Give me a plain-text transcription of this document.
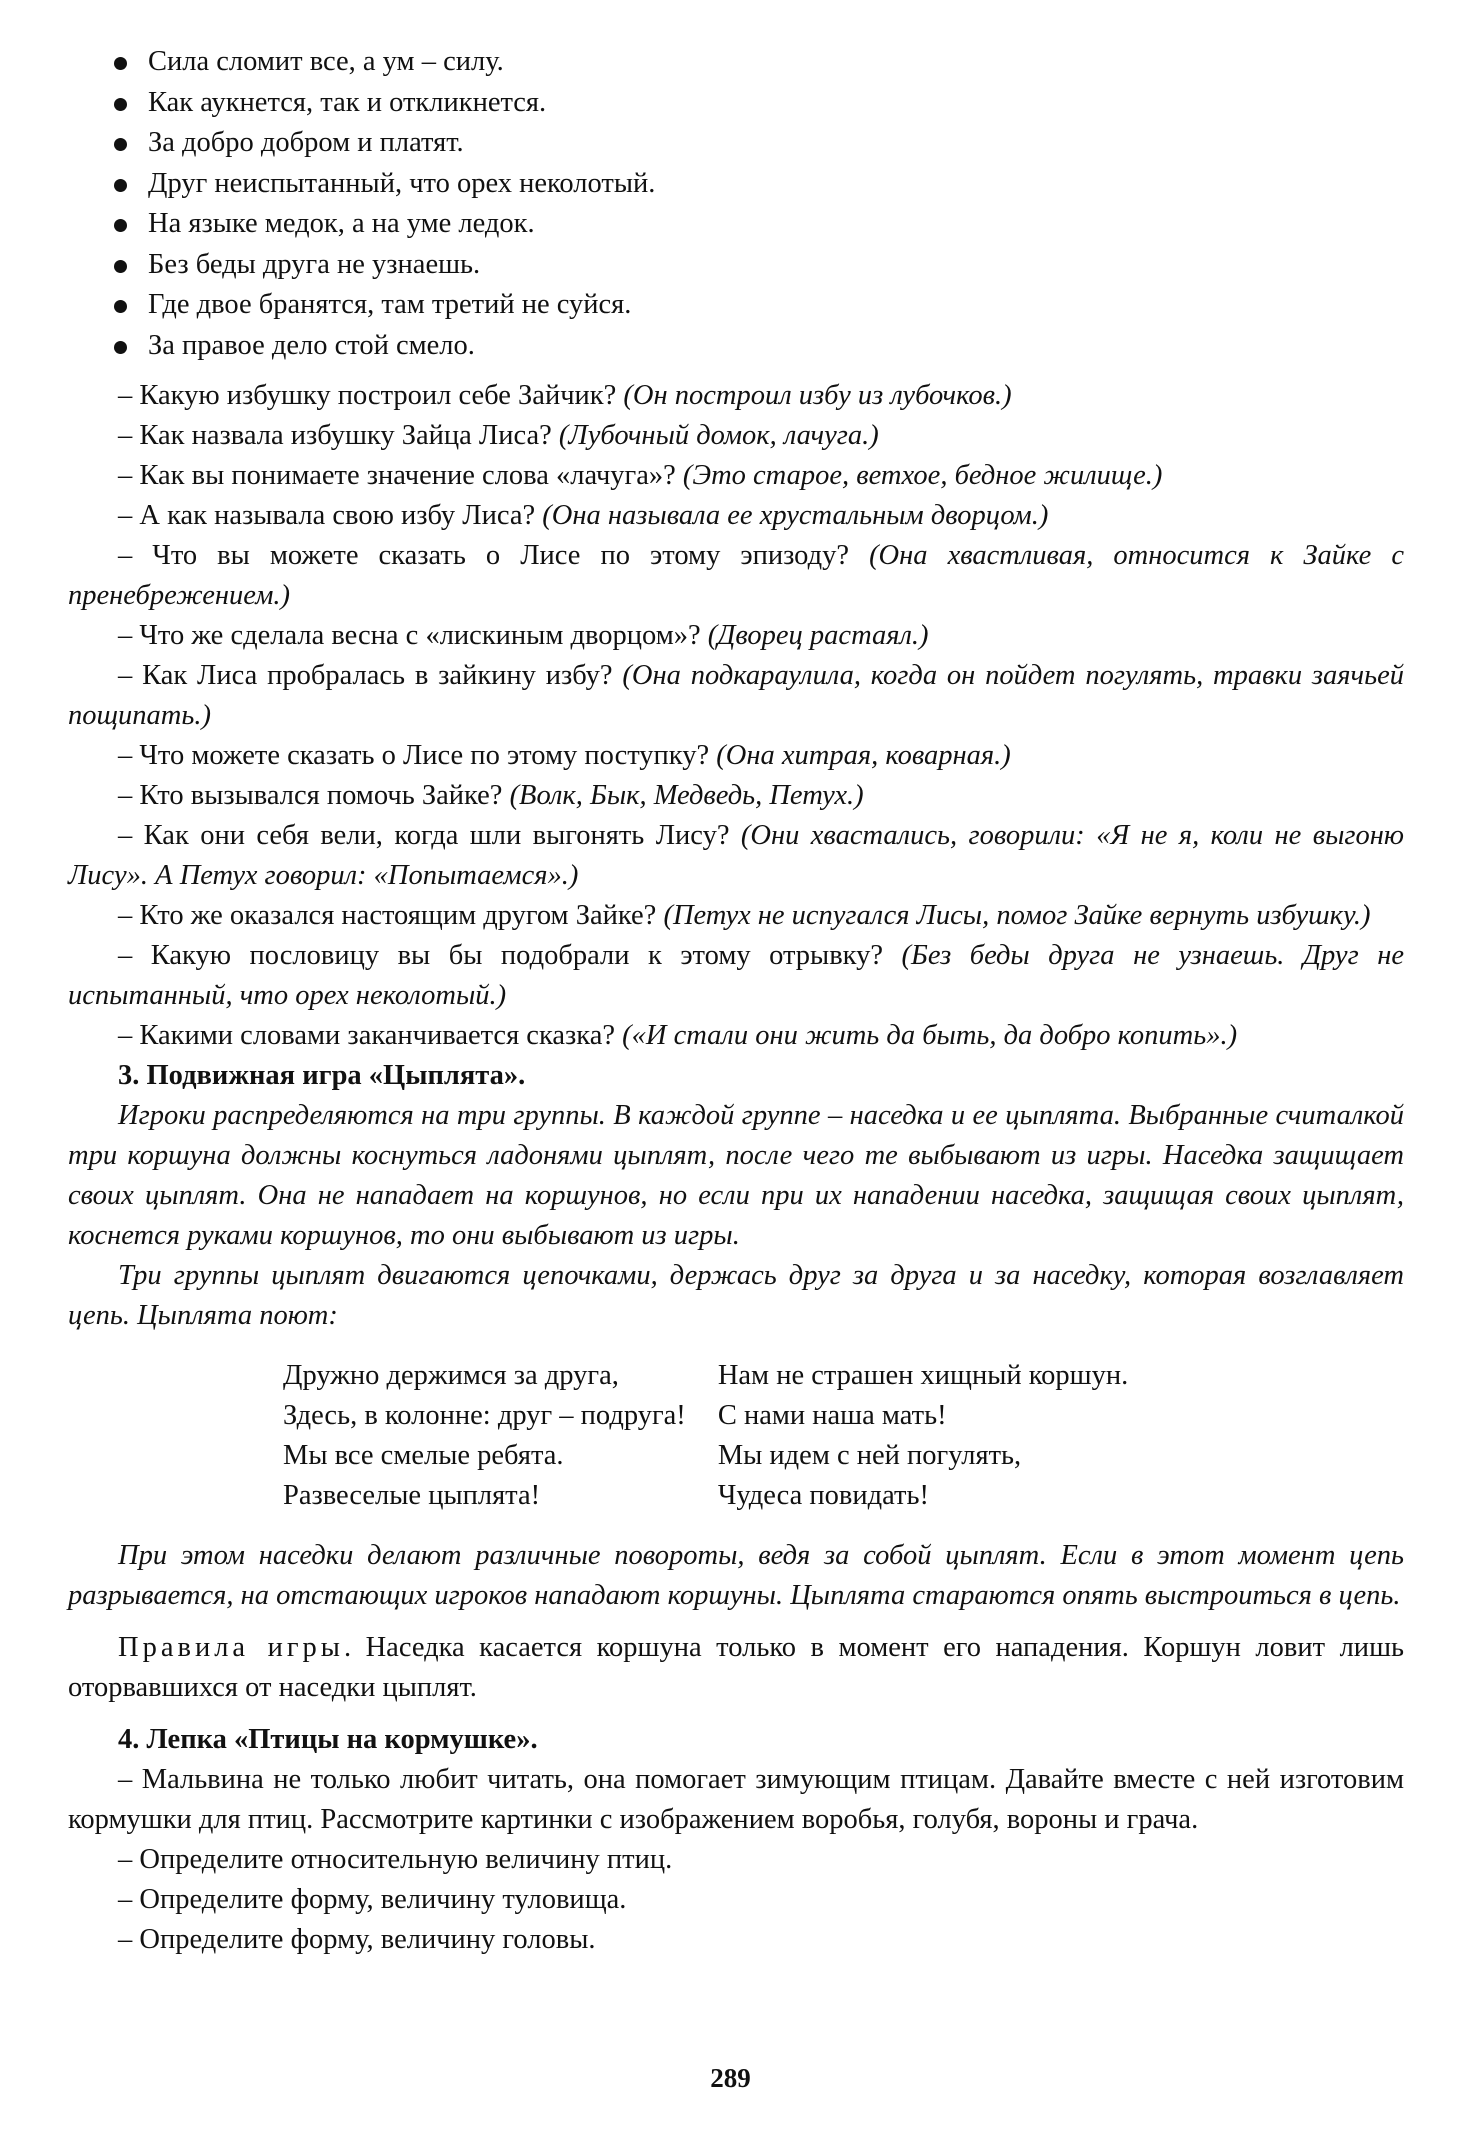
Сила сломит все, а ум – силу.
Как аукнется, так и откликнется.
За добро добром и платят.
Друг неиспытанный, что орех неколотый.
На языке медок, а на уме ледок.
Без беды друга не узнаешь.
Где двое бранятся, там третий не суйся.
За правое дело стой смело.

– Какую избушку построил себе Зайчик? (Он построил избу из лубочков.)

– Как назвала избушку Зайца Лиса? (Лубочный домок, лачуга.)

– Как вы понимаете значение слова «лачуга»? (Это старое, ветхое, бедное жилище.)

– А как называла свою избу Лиса? (Она называла ее хрустальным дворцом.)

– Что вы можете сказать о Лисе по этому эпизоду? (Она хвастливая, относится к Зайке с пренебрежением.)

– Что же сделала весна с «лискиным дворцом»? (Дворец растаял.)

– Как Лиса пробралась в зайкину избу? (Она подкараулила, когда он пойдет погулять, травки заячьей пощипать.)

– Что можете сказать о Лисе по этому поступку? (Она хитрая, коварная.)

– Кто вызывался помочь Зайке? (Волк, Бык, Медведь, Петух.)

– Как они себя вели, когда шли выгонять Лису? (Они хвастались, говорили: «Я не я, коли не выгоню Лису». А Петух говорил: «Попытаемся».)

– Кто же оказался настоящим другом Зайке? (Петух не испугался Лисы, помог Зайке вернуть избушку.)

– Какую пословицу вы бы подобрали к этому отрывку? (Без беды друга не узнаешь. Друг не испытанный, что орех неколотый.)

– Какими словами заканчивается сказка? («И стали они жить да быть, да добро копить».)

3. Подвижная игра «Цыплята».

Игроки распределяются на три группы. В каждой группе – наседка и ее цыплята. Выбранные считалкой три коршуна должны коснуться ладонями цыплят, после чего те выбывают из игры. Наседка защищает своих цыплят. Она не нападает на коршунов, но если при их нападении наседка, защищая своих цыплят, коснется руками коршунов, то они выбывают из игры.

Три группы цыплят двигаются цепочками, держась друг за друга и за наседку, которая возглавляет цепь. Цыплята поют:

Дружно держимся за друга,
Здесь, в колонне: друг – подруга!
Мы все смелые ребята.
Развеселые цыплята!
Нам не страшен хищный коршун.
С нами наша мать!
Мы идем с ней погулять,
Чудеса повидать!

При этом наседки делают различные повороты, ведя за собой цыплят. Если в этот момент цепь разрывается, на отстающих игроков нападают коршуны. Цыплята стараются опять выстроиться в цепь.

Правила игры. Наседка касается коршуна только в момент его нападения. Коршун ловит лишь оторвавшихся от наседки цыплят.

4. Лепка «Птицы на кормушке».

– Мальвина не только любит читать, она помогает зимующим птицам. Давайте вместе с ней изготовим кормушки для птиц. Рассмотрите картинки с изображением воробья, голубя, вороны и грача.

– Определите относительную величину птиц.

– Определите форму, величину туловища.

– Определите форму, величину головы.

289
